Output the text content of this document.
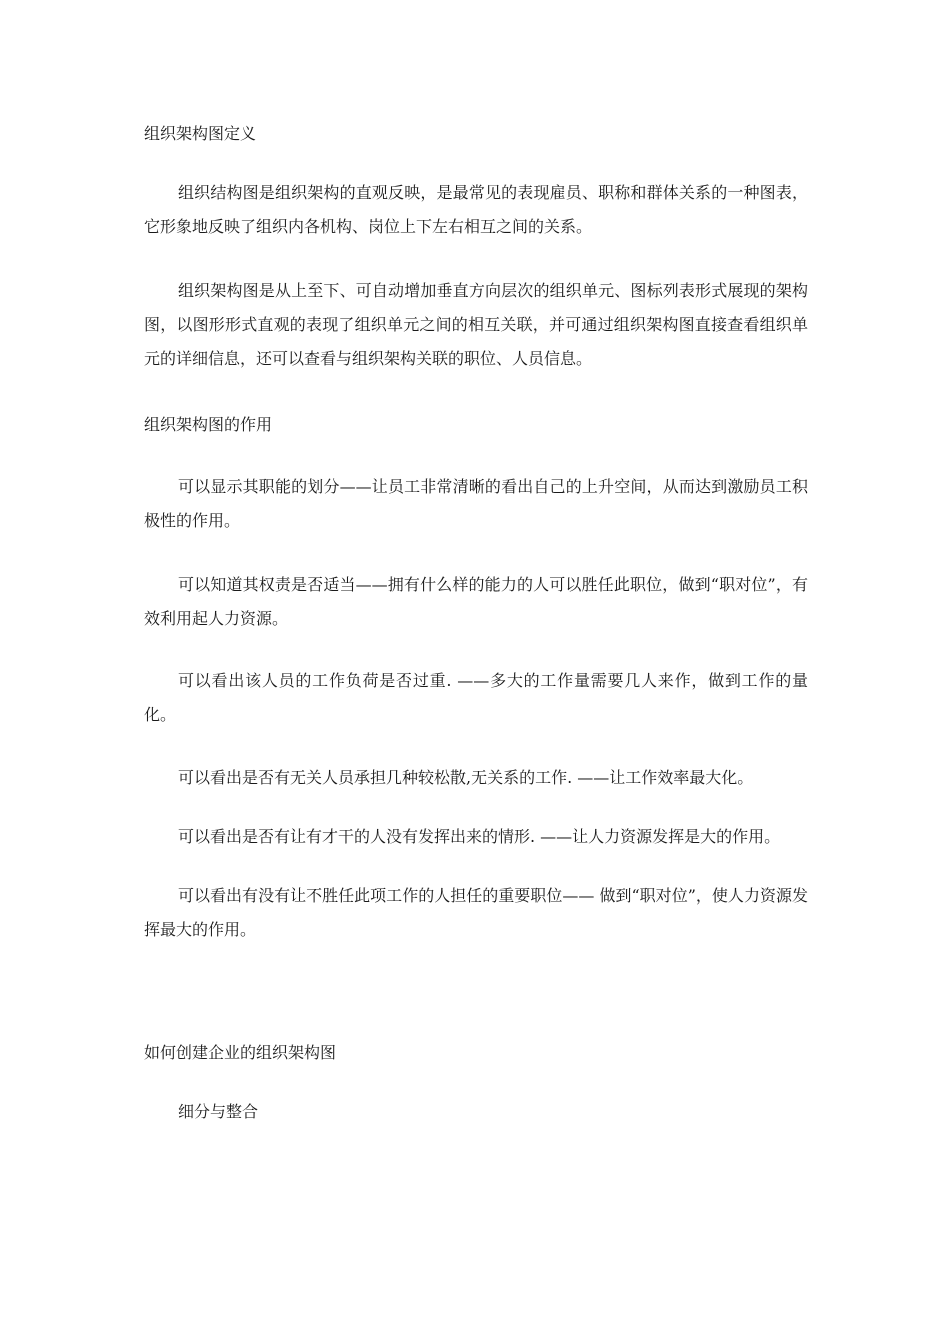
组织架构图定义

组织结构图是组织架构的直观反映，是最常见的表现雇员、职称和群体关系的一种图表，它形象地反映了组织内各机构、岗位上下左右相互之间的关系。

组织架构图是从上至下、可自动增加垂直方向层次的组织单元、图标列表形式展现的架构图，以图形形式直观的表现了组织单元之间的相互关联，并可通过组织架构图直接查看组织单元的详细信息，还可以查看与组织架构关联的职位、人员信息。

组织架构图的作用

可以显示其职能的划分——让员工非常清晰的看出自己的上升空间，从而达到激励员工积极性的作用。

可以知道其权责是否适当——拥有什么样的能力的人可以胜任此职位，做到“职对位”，有效利用起人力资源。

可以看出该人员的工作负荷是否过重. ——多大的工作量需要几人来作，做到工作的量化。

可以看出是否有无关人员承担几种较松散,无关系的工作. ——让工作效率最大化。

可以看出是否有让有才干的人没有发挥出来的情形. ——让人力资源发挥是大的作用。

可以看出有没有让不胜任此项工作的人担任的重要职位—— 做到“职对位”，使人力资源发挥最大的作用。

如何创建企业的组织架构图

细分与整合
